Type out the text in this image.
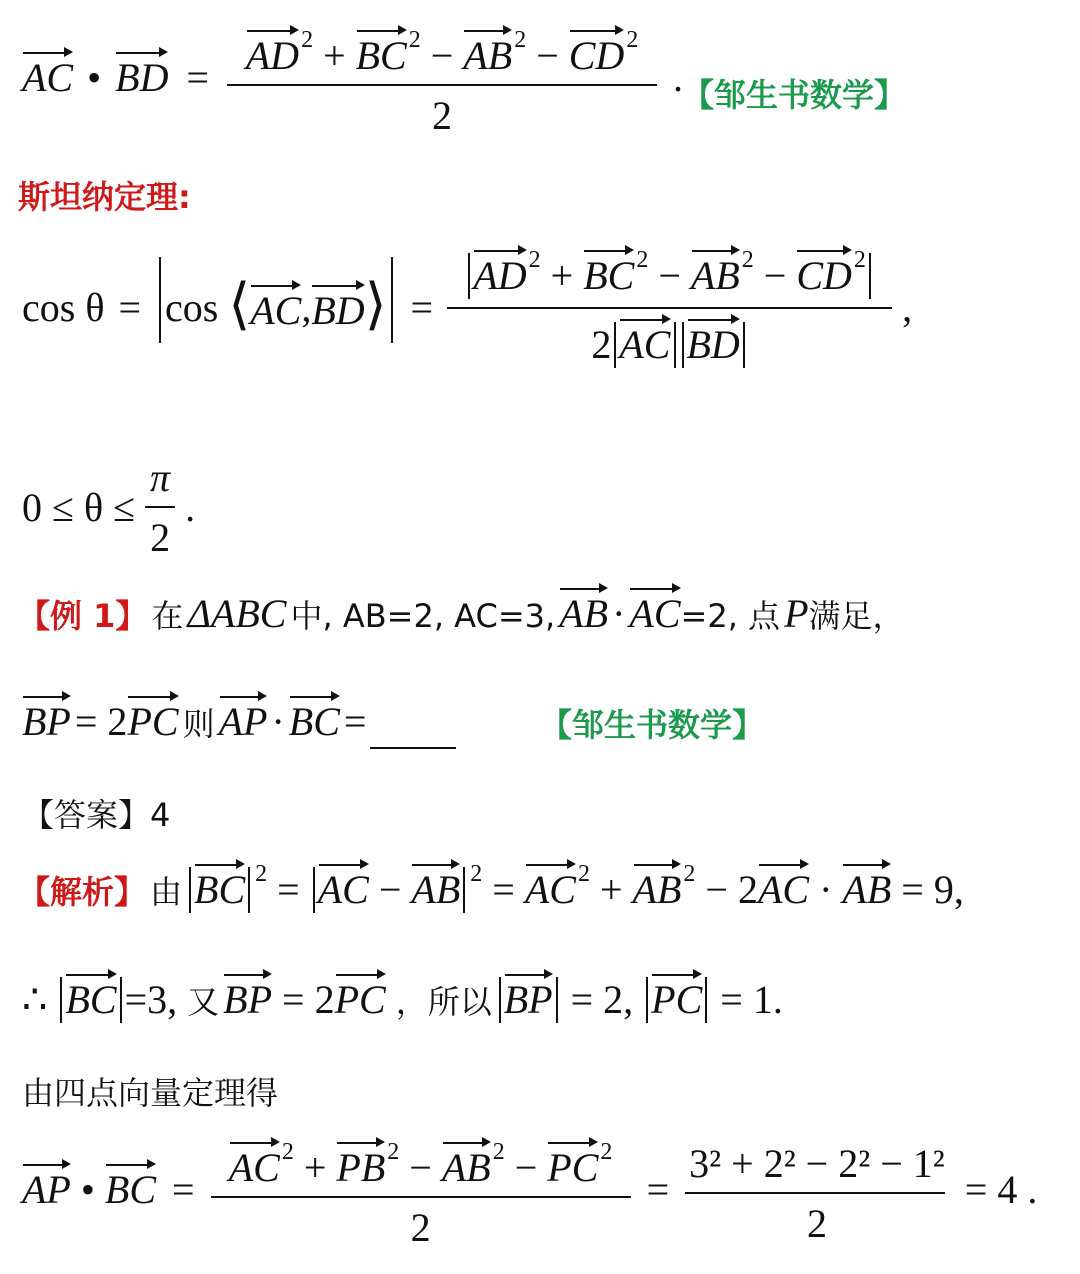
AC • BD = $\frac{AD^2 + BC^2 - AB^2 - CD^2}{2}$ .
【邹生书数学】
斯坦纳定理:
cos θ = cos ⟨AC,BD⟩ = $\frac{AD^2 + BC^2 - AB^2 - CD^2}{\text{2 AC BD}}$ ,
$0 \le \theta \le \frac{\pi}{2}$ .
【例 1】 在 ΔABC 中, AB=2, AC=3, AB · AC=2, 点 P满足，
BP = 2PC 则 AP · BC =	【邹生书数学】
【答案】4
【解析】 由 BC $^2$ = AC − AB $^2 = AC^2 + AB^2 - 2AC$ · AB = 9,
∴ BC =3, 又 BP = 2PC ，所以 BP = 2, PC = 1.
由四点向量定理得
AP • BC = $\frac{AC^2 + PB^2 - AB^2 - PC^2}{2} = \frac{\text{3² + 2² − 2² − 1²}}{2} = 4$ .
